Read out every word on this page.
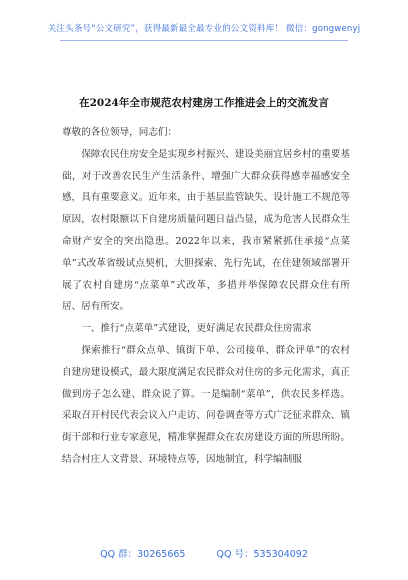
关注头条号“公文研究”，获得最新最全最专业的公文资料库！ 微信：gongwenyj
在2024年全市规范农村建房工作推进会上的交流发言

尊敬的各位领导，同志们：

保障农民住房安全是实现乡村振兴、建设美丽宜居乡村的重要基础，对于改善农民生产生活条件、增强广大群众获得感幸福感安全感，具有重要意义。近年来，由于基层监管缺失、设计施工不规范等原因，农村限额以下自建房质量问题日益凸显，成为危害人民群众生命财产安全的突出隐患。2022年以来，我市紧紧抓住承接“点菜单”式改革省级试点契机，大胆探索、先行先试，在住建领域部署开展了农村自建房“点菜单”式改革，多措并举保障农民群众住有所居、居有所安。

一、推行“点菜单”式建设，更好满足农民群众住房需求

探索推行“群众点单、镇街下单、公司接单、群众评单”的农村自建房建设模式，最大限度满足农民群众对住房的多元化需求，真正做到房子怎么建、群众说了算。一是编制“菜单”，供农民多样选。采取召开村民代表会议入户走访、问卷调查等方式广泛征求群众、镇街干部和行业专家意见，精准掌握群众在农房建设方面的所思所盼。结合村庄人文背景、环境特点等，因地制宜，科学编制服

QQ 群：30265665	QQ 号：535304092
